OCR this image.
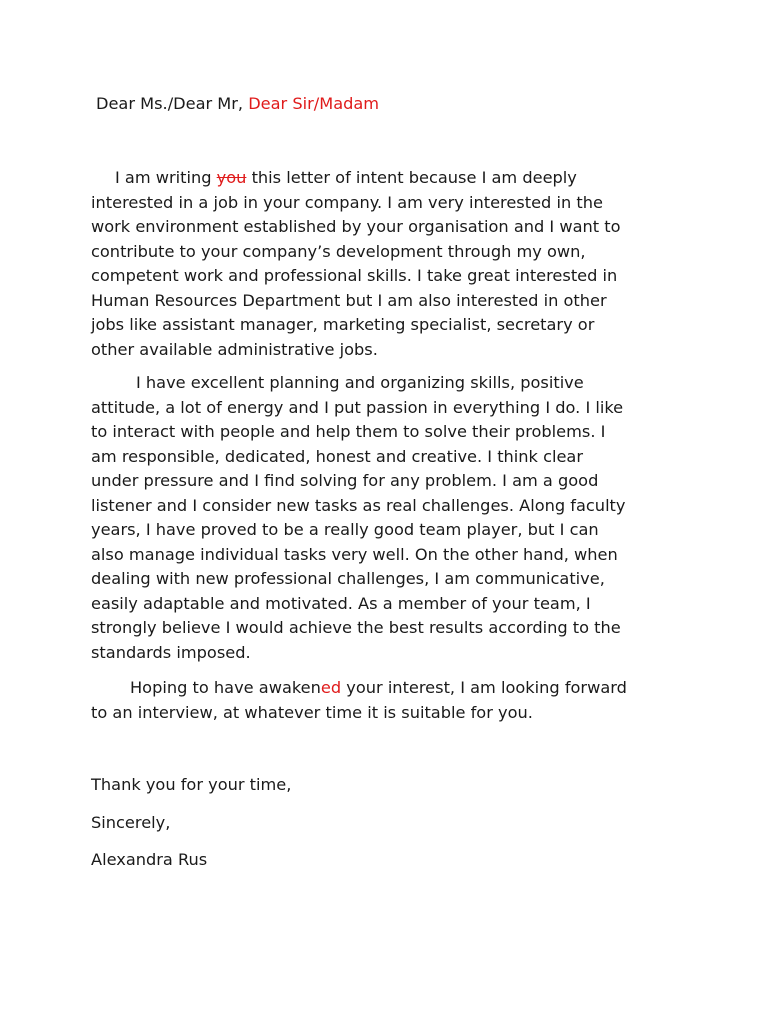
Dear Ms./Dear Mr, Dear Sir/Madam
I am writing you this letter of intent because I am deeply
interested in a job in your company. I am very interested in the
work environment established by your organisation and I want to
contribute to your company’s development through my own,
competent work and professional skills. I take great interested in
Human Resources Department but I am also interested in other
jobs like assistant manager, marketing specialist, secretary or
other available administrative jobs.
I have excellent planning and organizing skills, positive
attitude, a lot of energy and I put passion in everything I do. I like
to interact with people and help them to solve their problems. I
am responsible, dedicated, honest and creative. I think clear
under pressure and I find solving for any problem. I am a good
listener and I consider new tasks as real challenges. Along faculty
years, I have proved to be a really good team player, but I can
also manage individual tasks very well. On the other hand, when
dealing with new professional challenges, I am communicative,
easily adaptable and motivated. As a member of your team, I
strongly believe I would achieve the best results according to the
standards imposed.
Hoping to have awakened your interest, I am looking forward
to an interview, at whatever time it is suitable for you.
Thank you for your time,
Sincerely,
Alexandra Rus
